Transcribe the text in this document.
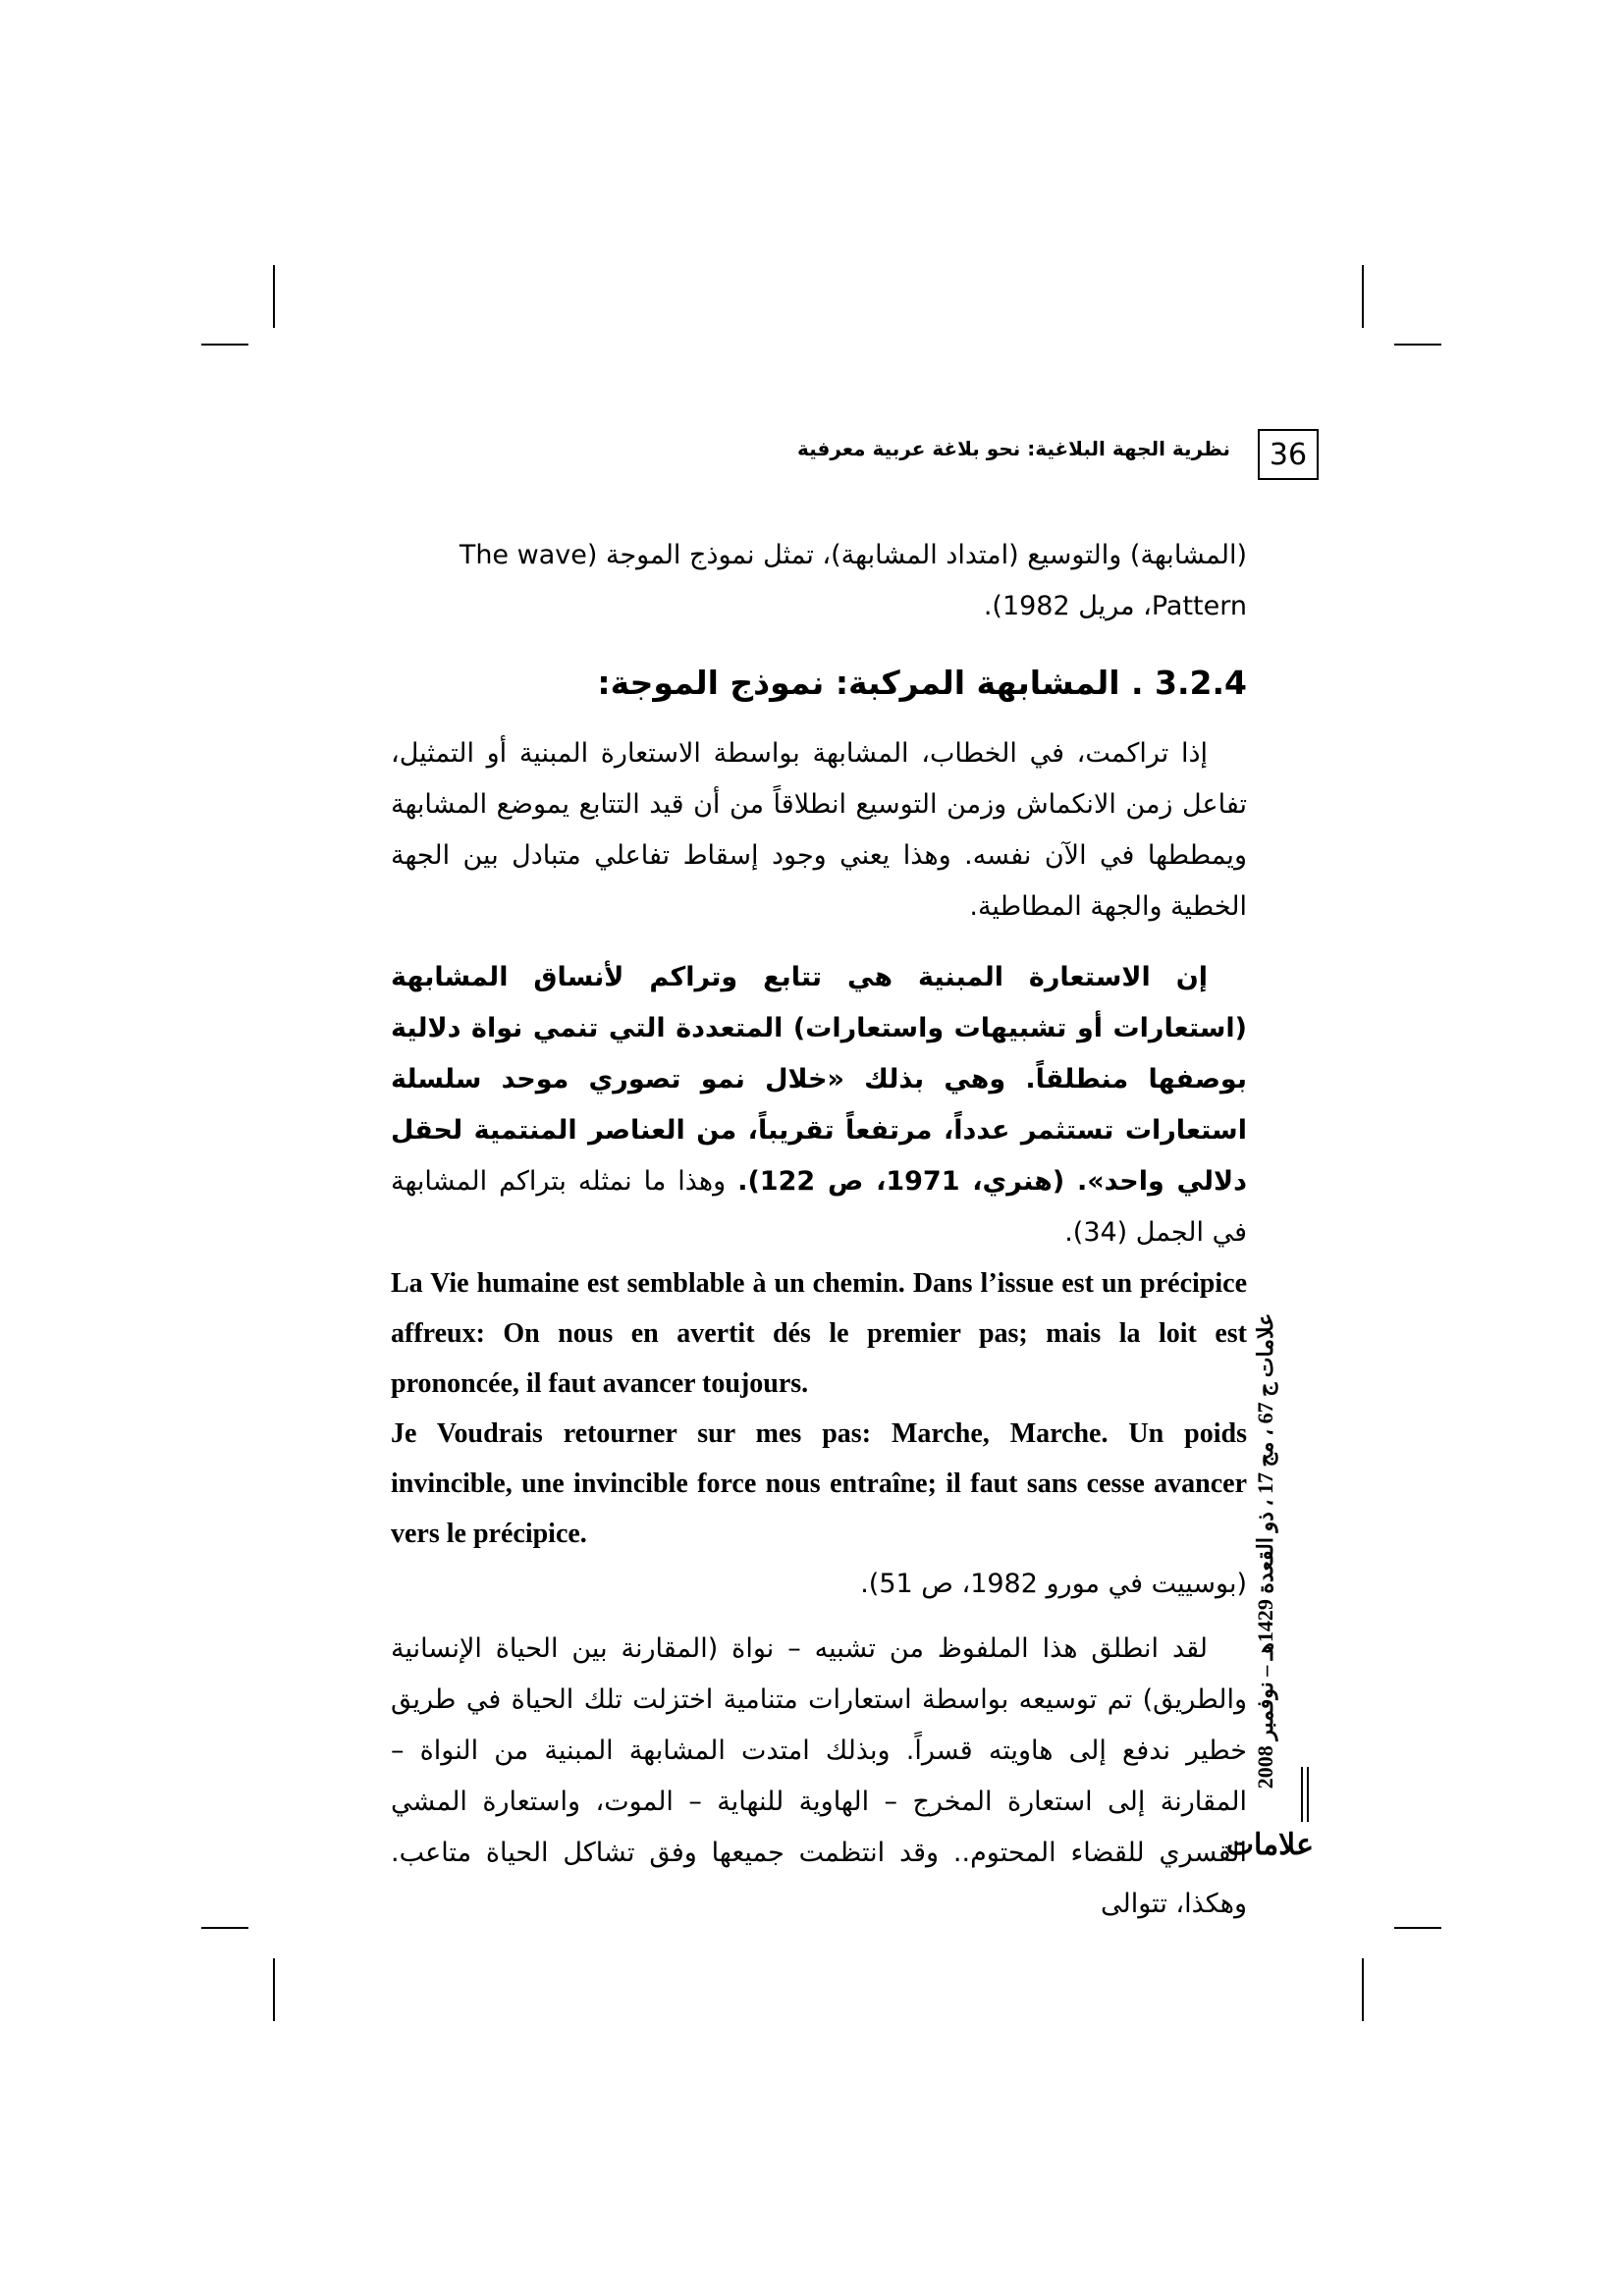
36
نظرية الجهة البلاغية: نحو بلاغة عربية معرفية

(المشابهة) والتوسيع (امتداد المشابهة)، تمثل نموذج الموجة (The wave

Pattern، مريل 1982).

3.2.4 . المشابهة المركبة: نموذج الموجة:

إذا تراكمت، في الخطاب، المشابهة بواسطة الاستعارة المبنية أو التمثيل، تفاعل زمن الانكماش وزمن التوسيع انطلاقاً من أن قيد التتابع يموضع المشابهة ويمططها في الآن نفسه. وهذا يعني وجود إسقاط تفاعلي متبادل بين الجهة الخطية والجهة المطاطية.

إن الاستعارة المبنية هي تتابع وتراكم لأنساق المشابهة (استعارات أو تشبيهات واستعارات) المتعددة التي تنمي نواة دلالية بوصفها منطلقاً. وهي بذلك «خلال نمو تصوري موحد سلسلة استعارات تستثمر عدداً، مرتفعاً تقريباً، من العناصر المنتمية لحقل دلالي واحد». (هنري، 1971، ص 122). وهذا ما نمثله بتراكم المشابهة في الجمل (34).

La Vie humaine est semblable à un chemin. Dans l’issue est un précipice affreux: On nous en avertit dés le premier pas; mais la loit est prononcée, il faut avancer toujours.

Je Voudrais retourner sur mes pas: Marche, Marche. Un poids invincible, une invincible force nous entraîne; il faut sans cesse avancer vers le précipice.

(بوسييت في مورو 1982، ص 51).

لقد انطلق هذا الملفوظ من تشبيه – نواة (المقارنة بين الحياة الإنسانية والطريق) تم توسيعه بواسطة استعارات متنامية اختزلت تلك الحياة في طريق خطير ندفع إلى هاويته قسراً. وبذلك امتدت المشابهة المبنية من النواة – المقارنة إلى استعارة المخرج – الهاوية للنهاية – الموت، واستعارة المشي القسري للقضاء المحتوم.. وقد انتظمت جميعها وفق تشاكل الحياة متاعب. وهكذا، تتوالى

علامات ج 67 ، مج 17 ، ذو القعدة 1429هـ – نوفمبر 2008
علامات
